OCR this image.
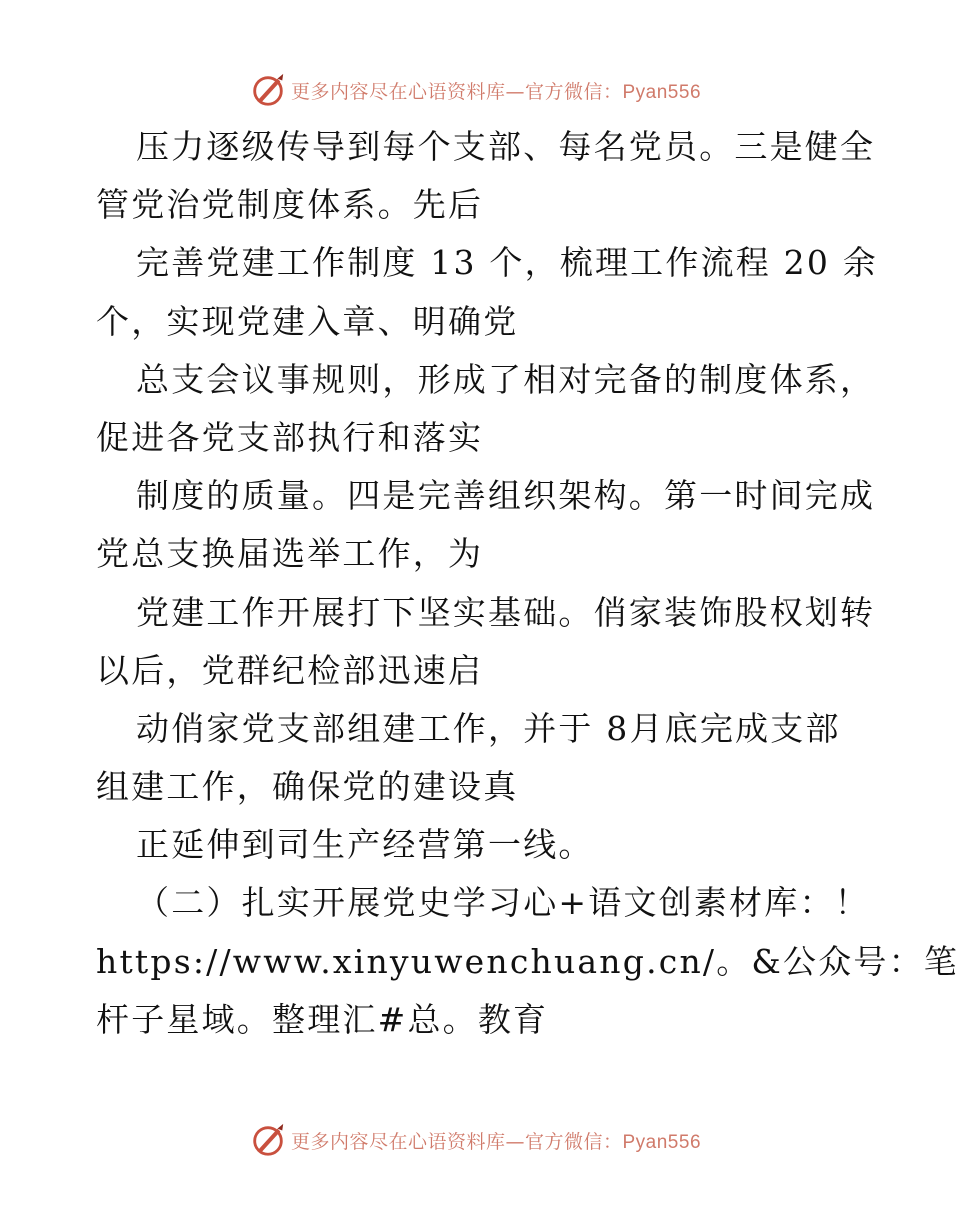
更多内容尽在心语资料库—官方微信：Pyan556
压力逐级传导到每个支部、每名党员。三是健全
管党治党制度体系。先后
完善党建工作制度 13 个，梳理工作流程 20 余
个，实现党建入章、明确党
总支会议事规则，形成了相对完备的制度体系，
促进各党支部执行和落实
制度的质量。四是完善组织架构。第一时间完成
党总支换届选举工作，为
党建工作开展打下坚实基础。俏家装饰股权划转
以后，党群纪检部迅速启
动俏家党支部组建工作，并于 8月底完成支部
组建工作，确保党的建设真
正延伸到司生产经营第一线。
（二）扎实开展党史学习心+语文创素材库：！
https://www.xinyuwenchuang.cn/。&公众号：笔
杆子星域。整理汇#总。教育
更多内容尽在心语资料库—官方微信：Pyan556
